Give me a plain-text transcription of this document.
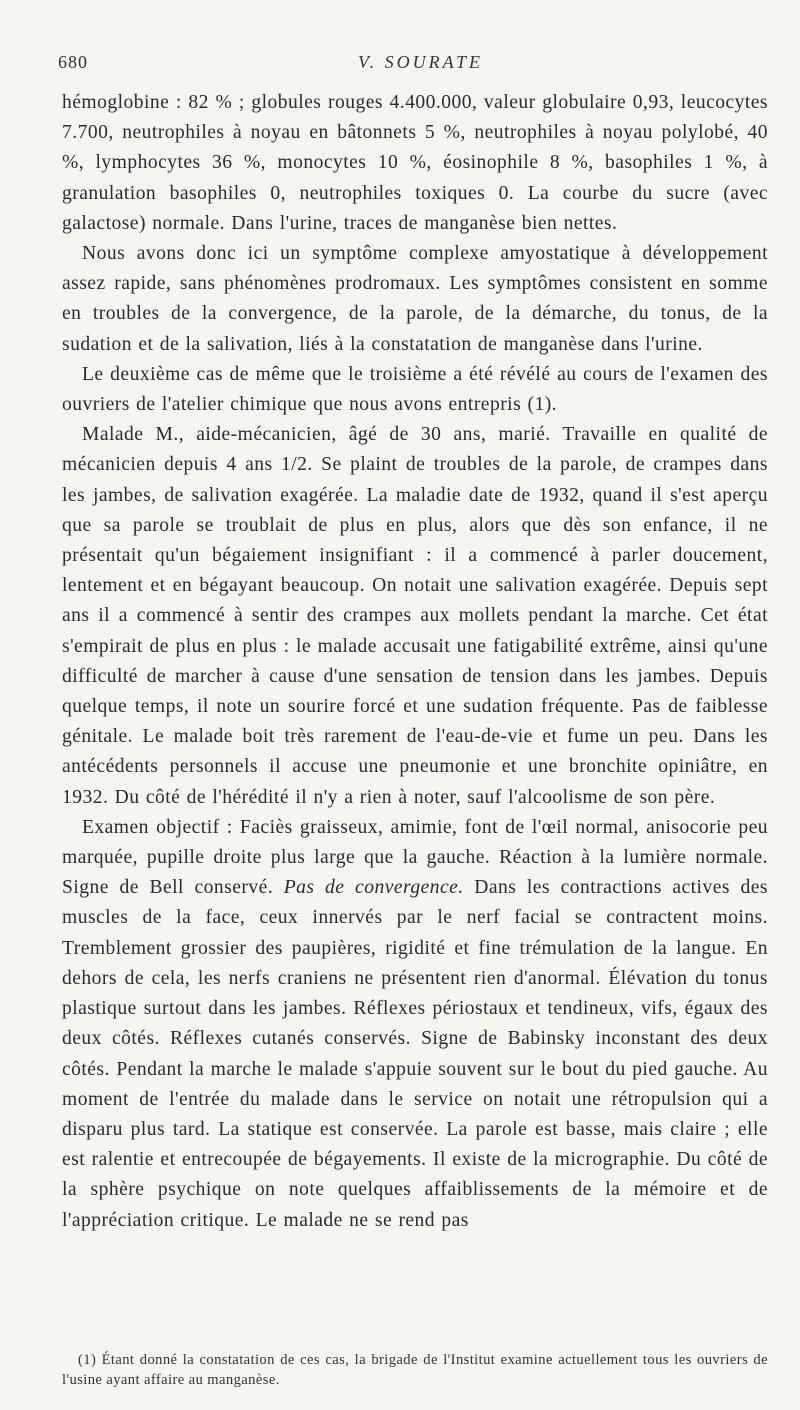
680	V. SOURATE

hémoglobine : 82 % ; globules rouges 4.400.000, valeur globulaire 0,93, leucocytes 7.700, neutrophiles à noyau en bâtonnets 5 %, neutrophiles à noyau polylobé, 40 %, lymphocytes 36 %, monocytes 10 %, éosinophile 8 %, basophiles 1 %, à granulation basophiles 0, neutrophiles toxiques 0. La courbe du sucre (avec galactose) normale. Dans l'urine, traces de manganèse bien nettes.

Nous avons donc ici un symptôme complexe amyostatique à développement assez rapide, sans phénomènes prodromaux. Les symptômes consistent en somme en troubles de la convergence, de la parole, de la démarche, du tonus, de la sudation et de la salivation, liés à la constatation de manganèse dans l'urine.

Le deuxième cas de même que le troisième a été révélé au cours de l'examen des ouvriers de l'atelier chimique que nous avons entrepris (1).

Malade M., aide-mécanicien, âgé de 30 ans, marié. Travaille en qualité de mécanicien depuis 4 ans 1/2. Se plaint de troubles de la parole, de crampes dans les jambes, de salivation exagérée. La maladie date de 1932, quand il s'est aperçu que sa parole se troublait de plus en plus, alors que dès son enfance, il ne présentait qu'un bégaiement insignifiant : il a commencé à parler doucement, lentement et en bégayant beaucoup. On notait une salivation exagérée. Depuis sept ans il a commencé à sentir des crampes aux mollets pendant la marche. Cet état s'empirait de plus en plus : le malade accusait une fatigabilité extrême, ainsi qu'une difficulté de marcher à cause d'une sensation de tension dans les jambes. Depuis quelque temps, il note un sourire forcé et une sudation fréquente. Pas de faiblesse génitale. Le malade boit très rarement de l'eau-de-vie et fume un peu. Dans les antécédents personnels il accuse une pneumonie et une bronchite opiniâtre, en 1932. Du côté de l'hérédité il n'y a rien à noter, sauf l'alcoolisme de son père.

Examen objectif : Faciès graisseux, amimie, font de l'œil normal, anisocorie peu marquée, pupille droite plus large que la gauche. Réaction à la lumière normale. Signe de Bell conservé. Pas de convergence. Dans les contractions actives des muscles de la face, ceux innervés par le nerf facial se contractent moins. Tremblement grossier des paupières, rigidité et fine trémulation de la langue. En dehors de cela, les nerfs craniens ne présentent rien d'anormal. Élévation du tonus plastique surtout dans les jambes. Réflexes périostaux et tendineux, vifs, égaux des deux côtés. Réflexes cutanés conservés. Signe de Babinsky inconstant des deux côtés. Pendant la marche le malade s'appuie souvent sur le bout du pied gauche. Au moment de l'entrée du malade dans le service on notait une rétropulsion qui a disparu plus tard. La statique est conservée. La parole est basse, mais claire ; elle est ralentie et entrecoupée de bégayements. Il existe de la micrographie. Du côté de la sphère psychique on note quelques affaiblissements de la mémoire et de l'appréciation critique. Le malade ne se rend pas

(1) Étant donné la constatation de ces cas, la brigade de l'Institut examine actuellement tous les ouvriers de l'usine ayant affaire au manganèse.
